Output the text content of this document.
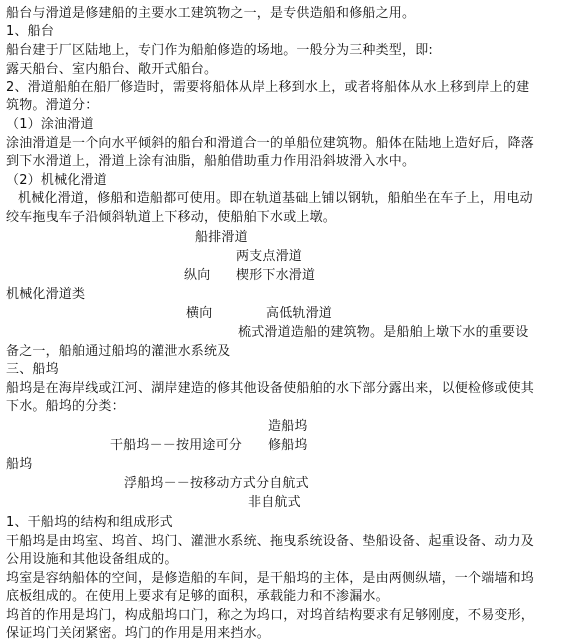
船台与滑道是修建船的主要水工建筑物之一，是专供造船和修船之用。
1、船台
船台建于厂区陆地上，专门作为船舶修造的场地。一般分为三种类型，即:
露天船台、室内船台、敞开式船台。
2、滑道船舶在船厂修造时，需要将船体从岸上移到水上，或者将船体从水上移到岸上的建
筑物。滑道分：
（1）涂油滑道
涂油滑道是一个向水平倾斜的船台和滑道合一的单船位建筑物。船体在陆地上造好后，降落
到下水滑道上，滑道上涂有油脂，船舶借助重力作用沿斜坡滑入水中。
（2）机械化滑道
机械化滑道，修船和造船都可使用。即在轨道基础上铺以钢轨，船舶坐在车子上，用电动
绞车拖曳车子沿倾斜轨道上下移动，使船舶下水或上墩。
船排滑道
两支点滑道
纵向 楔形下水滑道
机械化滑道类
横向	高低轨滑道
梳式滑道造船的建筑物。是船舶上墩下水的重要设
备之一，船舶通过船坞的灌泄水系统及
三、船坞
船坞是在海岸线或江河、湖岸建造的修其他设备使船舶的水下部分露出来，以便检修或使其
下水。船坞的分类：
造船坞
干船坞－－按用途可分 修船坞
船坞
浮船坞－－按移动方式分自航式
非自航式
1、干船坞的结构和组成形式
干船坞是由坞室、坞首、坞门、灌泄水系统、拖曳系统设备、垫船设备、起重设备、动力及
公用设施和其他设备组成的。
坞室是容纳船体的空间，是修造船的车间，是干船坞的主体，是由两侧纵墙，一个端墙和坞
底板组成的。在使用上要求有足够的面积，承载能力和不渗漏水。
坞首的作用是坞门，构成船坞口门，称之为坞口，对坞首结构要求有足够刚度，不易变形，
保证坞门关闭紧密。坞门的作用是用来挡水。
